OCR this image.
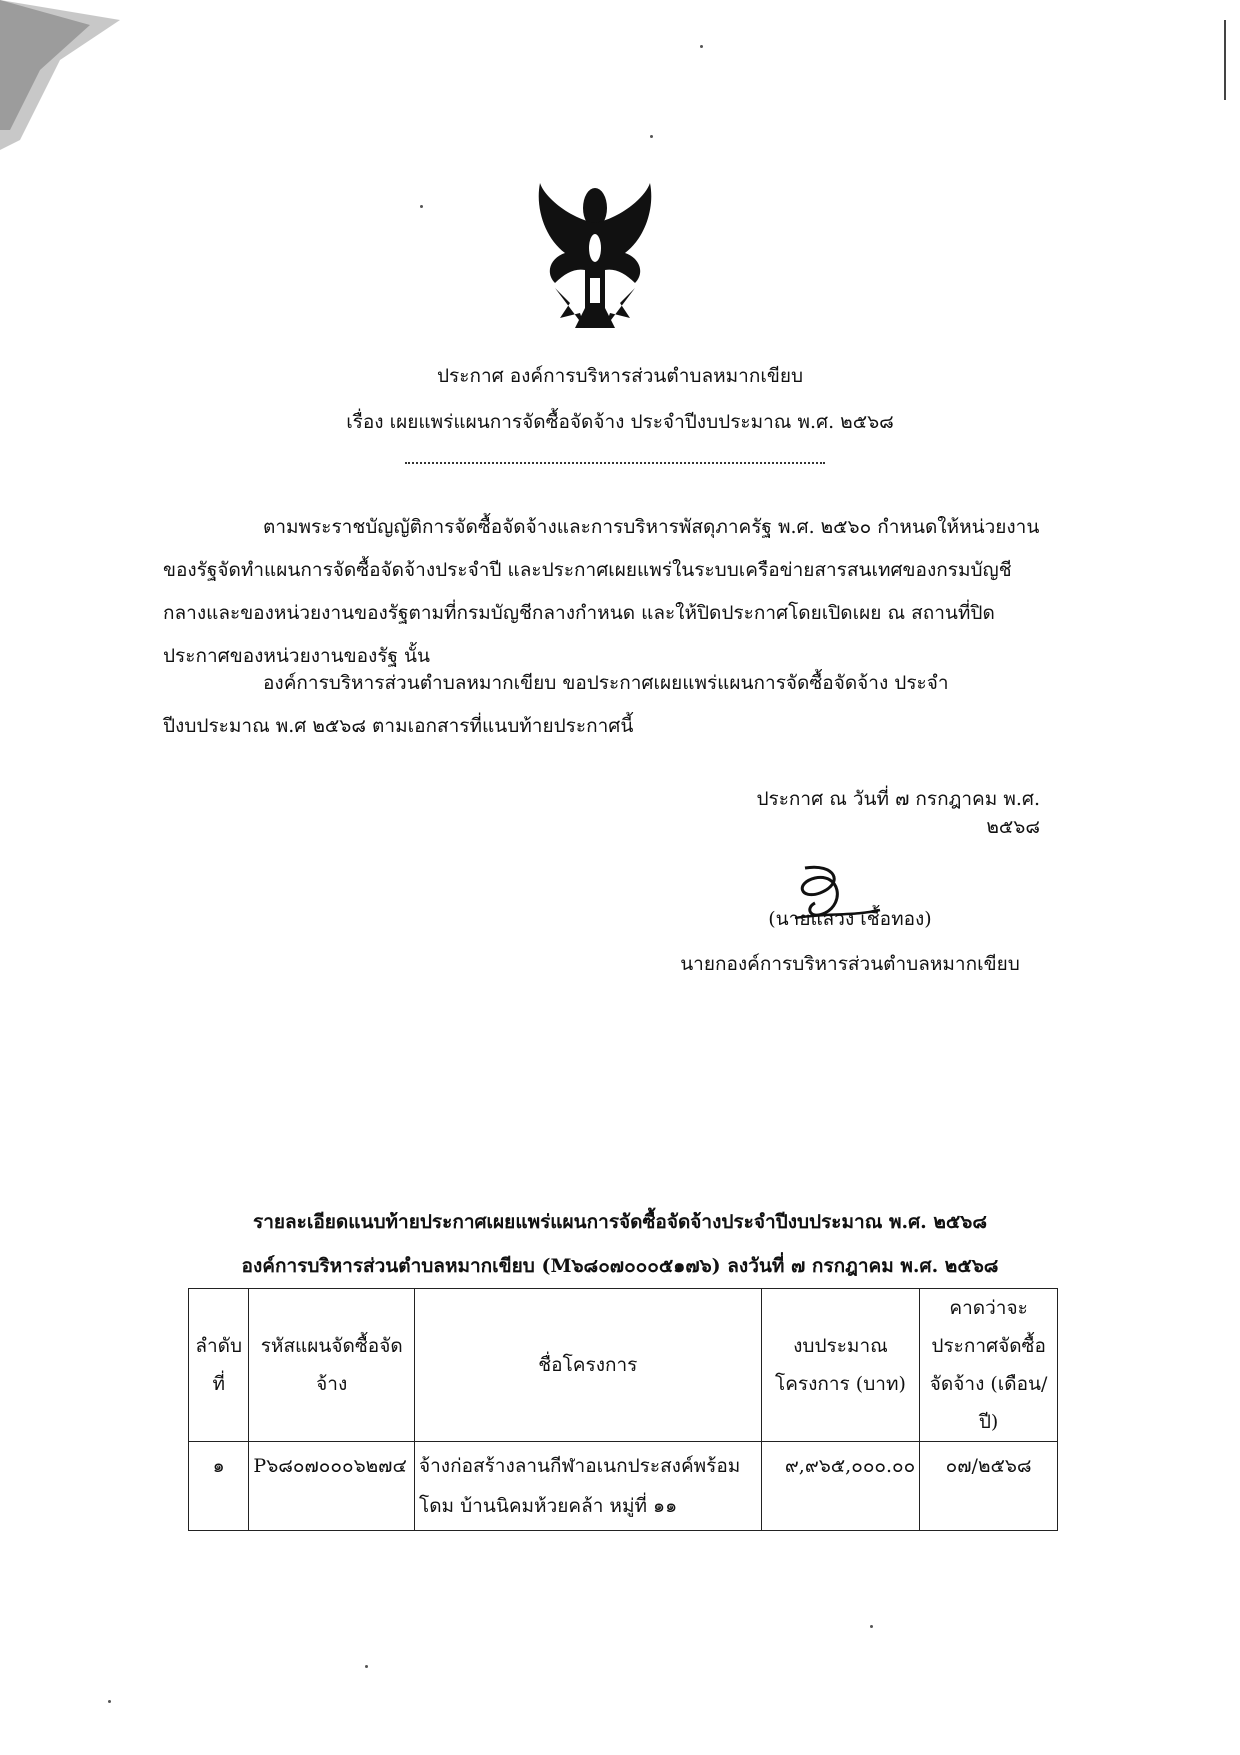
ประกาศ องค์การบริหารส่วนตำบลหมากเขียบ
เรื่อง เผยแพร่แผนการจัดซื้อจัดจ้าง ประจำปีงบประมาณ พ.ศ. ๒๕๖๘
ตามพระราชบัญญัติการจัดซื้อจัดจ้างและการบริหารพัสดุภาครัฐ พ.ศ. ๒๕๖๐ กำหนดให้หน่วยงานของรัฐจัดทำแผนการจัดซื้อจัดจ้างประจำปี และประกาศเผยแพร่ในระบบเครือข่ายสารสนเทศของกรมบัญชีกลางและของหน่วยงานของรัฐตามที่กรมบัญชีกลางกำหนด และให้ปิดประกาศโดยเปิดเผย ณ สถานที่ปิดประกาศของหน่วยงานของรัฐ นั้น
องค์การบริหารส่วนตำบลหมากเขียบ ขอประกาศเผยแพร่แผนการจัดซื้อจัดจ้าง ประจำปีงบประมาณ พ.ศ ๒๕๖๘ ตามเอกสารที่แนบท้ายประกาศนี้
ประกาศ ณ วันที่ ๗ กรกฎาคม พ.ศ. ๒๕๖๘
(นายแสวง เชื้อทอง)
นายกองค์การบริหารส่วนตำบลหมากเขียบ
รายละเอียดแนบท้ายประกาศเผยแพร่แผนการจัดซื้อจัดจ้างประจำปีงบประมาณ พ.ศ. ๒๕๖๘
องค์การบริหารส่วนตำบลหมากเขียบ (M๖๘๐๗๐๐๐๕๑๗๖) ลงวันที่ ๗ กรกฎาคม พ.ศ. ๒๕๖๘
ลำดับที่	รหัสแผนจัดซื้อจัดจ้าง	ชื่อโครงการ	งบประมาณโครงการ (บาท)	คาดว่าจะประกาศจัดซื้อจัดจ้าง (เดือน/ปี)
๑	P๖๘๐๗๐๐๐๖๒๗๔	จ้างก่อสร้างลานกีฬาอเนกประสงค์พร้อมโดม บ้านนิคมห้วยคล้า หมู่ที่ ๑๑	๙,๙๖๕,๐๐๐.๐๐	๐๗/๒๕๖๘
